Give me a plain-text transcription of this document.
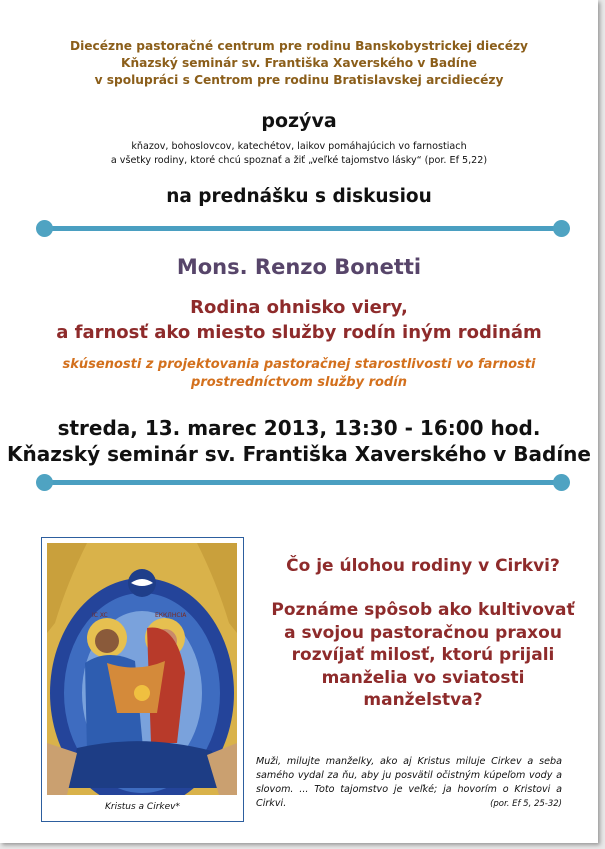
Diecézne pastoračné centrum pre rodinu Banskobystrickej diecézy
Kňazský seminár sv. Františka Xaverského v Badíne
v spolupráci s Centrom pre rodinu Bratislavskej arcidiecézy
pozýva
kňazov, bohoslovcov, katechétov, laikov pomáhajúcich vo farnostiach
a všetky rodiny, ktoré chcú spoznať a žiť „veľké tajomstvo lásky“ (por. Ef 5,22)
na prednášku s diskusiou
Mons. Renzo Bonetti
Rodina ohnisko viery,
a farnosť ako miesto služby rodín iným rodinám
skúsenosti z projektovania pastoračnej starostlivosti vo farnosti
prostredníctvom služby rodín
streda, 13. marec 2013, 13:30 - 16:00 hod.
Kňazský seminár sv. Františka Xaverského v Badíne
IC XC	ЕККЛНСІА
Kristus a Cirkev*
Čo je úlohou rodiny v Cirkvi?
Poznáme spôsob ako kultivovať
a svojou pastoračnou praxou
rozvíjať milosť, ktorú prijali
manželia vo sviatosti
manželstva?
Muži, milujte manželky, ako aj Kristus miluje Cirkev a seba samého vydal za ňu, aby ju posvätil očistným kúpeľom vody a slovom. ... Toto tajomstvo je veľké; ja hovorím o Kristovi a Cirkvi.	(por. Ef 5, 25-32)
